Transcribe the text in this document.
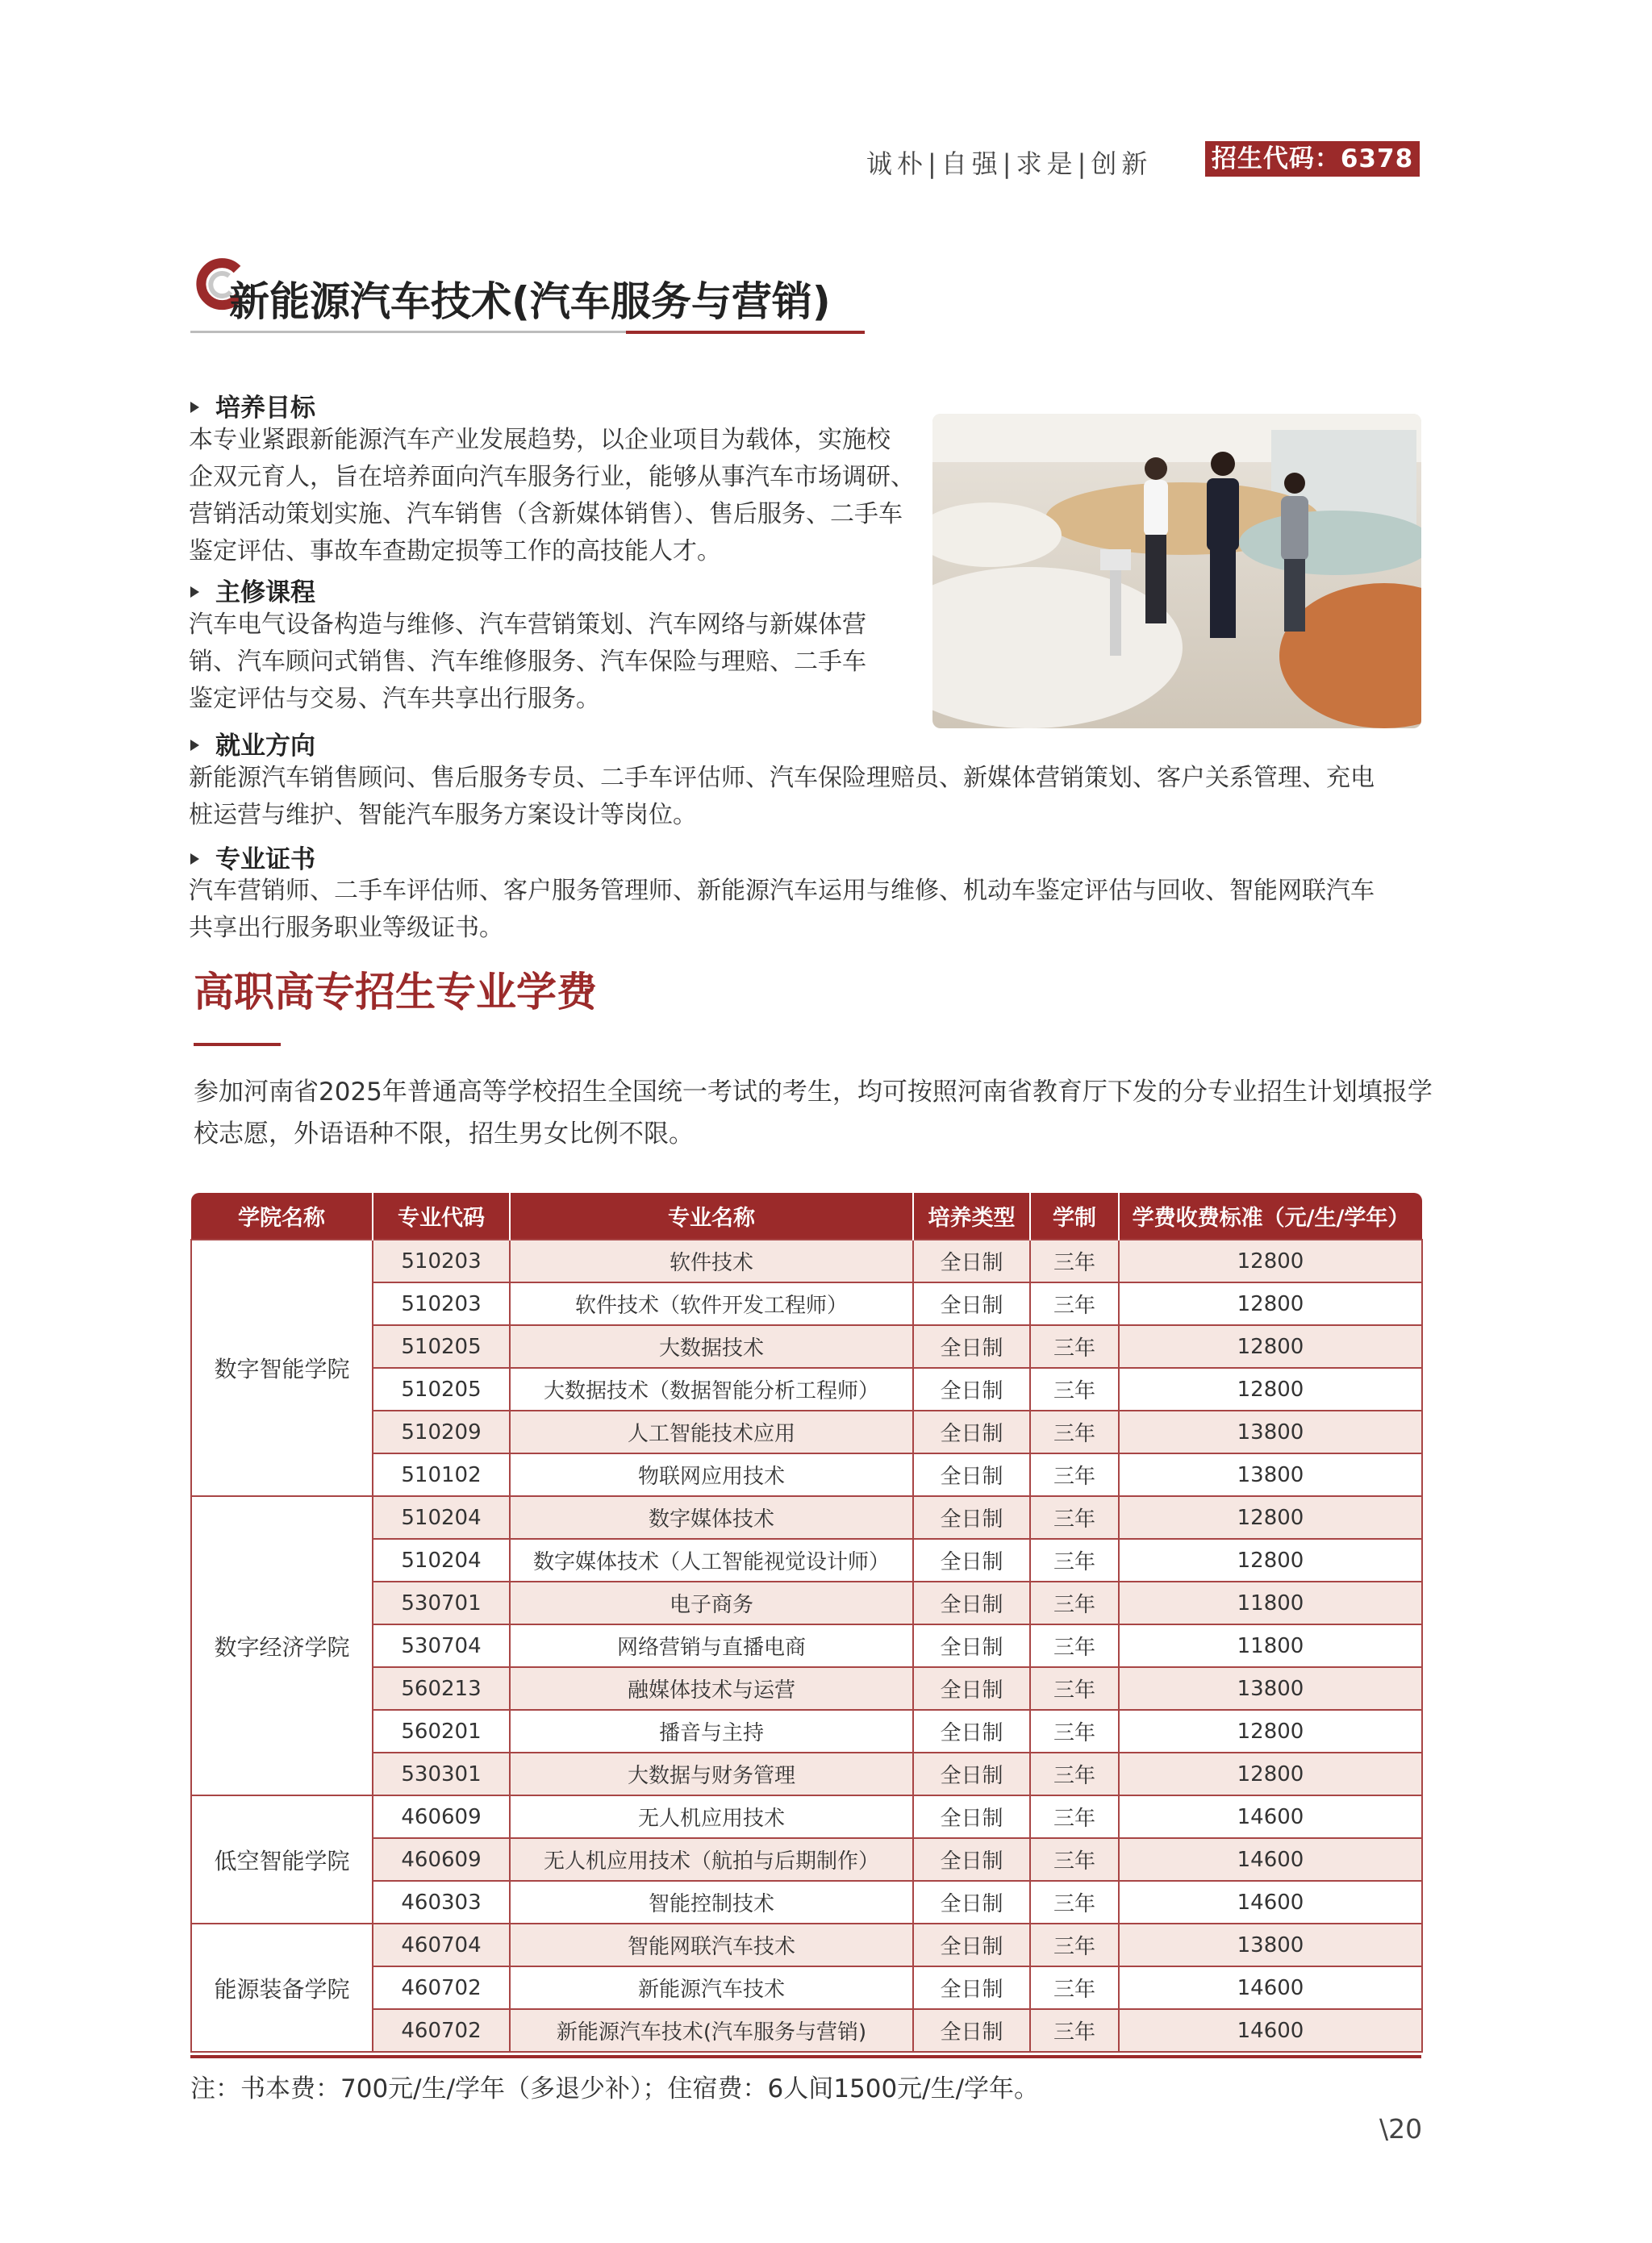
诚朴|自强|求是|创新 招生代码：6378
新能源汽车技术(汽车服务与营销)
培养目标
本专业紧跟新能源汽车产业发展趋势，以企业项目为载体，实施校
企双元育人，旨在培养面向汽车服务行业，能够从事汽车市场调研、
营销活动策划实施、汽车销售（含新媒体销售）、售后服务、二手车
鉴定评估、事故车查勘定损等工作的高技能人才。
主修课程
汽车电气设备构造与维修、汽车营销策划、汽车网络与新媒体营
销、汽车顾问式销售、汽车维修服务、汽车保险与理赔、二手车
鉴定评估与交易、汽车共享出行服务。
就业方向
新能源汽车销售顾问、售后服务专员、二手车评估师、汽车保险理赔员、新媒体营销策划、客户关系管理、充电
桩运营与维护、智能汽车服务方案设计等岗位。
专业证书
汽车营销师、二手车评估师、客户服务管理师、新能源汽车运用与维修、机动车鉴定评估与回收、智能网联汽车
共享出行服务职业等级证书。
高职高专招生专业学费
参加河南省2025年普通高等学校招生全国统一考试的考生，均可按照河南省教育厅下发的分专业招生计划填报学
校志愿，外语语种不限，招生男女比例不限。
学院名称	专业代码	专业名称	培养类型	学制	学费收费标准（元/生/学年）
数字智能学院	510203	软件技术	全日制	三年	12800
	510203	软件技术（软件开发工程师）	全日制	三年	12800
	510205	大数据技术	全日制	三年	12800
	510205	大数据技术（数据智能分析工程师）	全日制	三年	12800
	510209	人工智能技术应用	全日制	三年	13800
	510102	物联网应用技术	全日制	三年	13800
数字经济学院	510204	数字媒体技术	全日制	三年	12800
	510204	数字媒体技术（人工智能视觉设计师）	全日制	三年	12800
	530701	电子商务	全日制	三年	11800
	530704	网络营销与直播电商	全日制	三年	11800
	560213	融媒体技术与运营	全日制	三年	13800
	560201	播音与主持	全日制	三年	12800
	530301	大数据与财务管理	全日制	三年	12800
低空智能学院	460609	无人机应用技术	全日制	三年	14600
	460609	无人机应用技术（航拍与后期制作）	全日制	三年	14600
	460303	智能控制技术	全日制	三年	14600
能源装备学院	460704	智能网联汽车技术	全日制	三年	13800
	460702	新能源汽车技术	全日制	三年	14600
	460702	新能源汽车技术(汽车服务与营销)	全日制	三年	14600
注：书本费：700元/生/学年（多退少补）；住宿费：6人间1500元/生/学年。
\20
